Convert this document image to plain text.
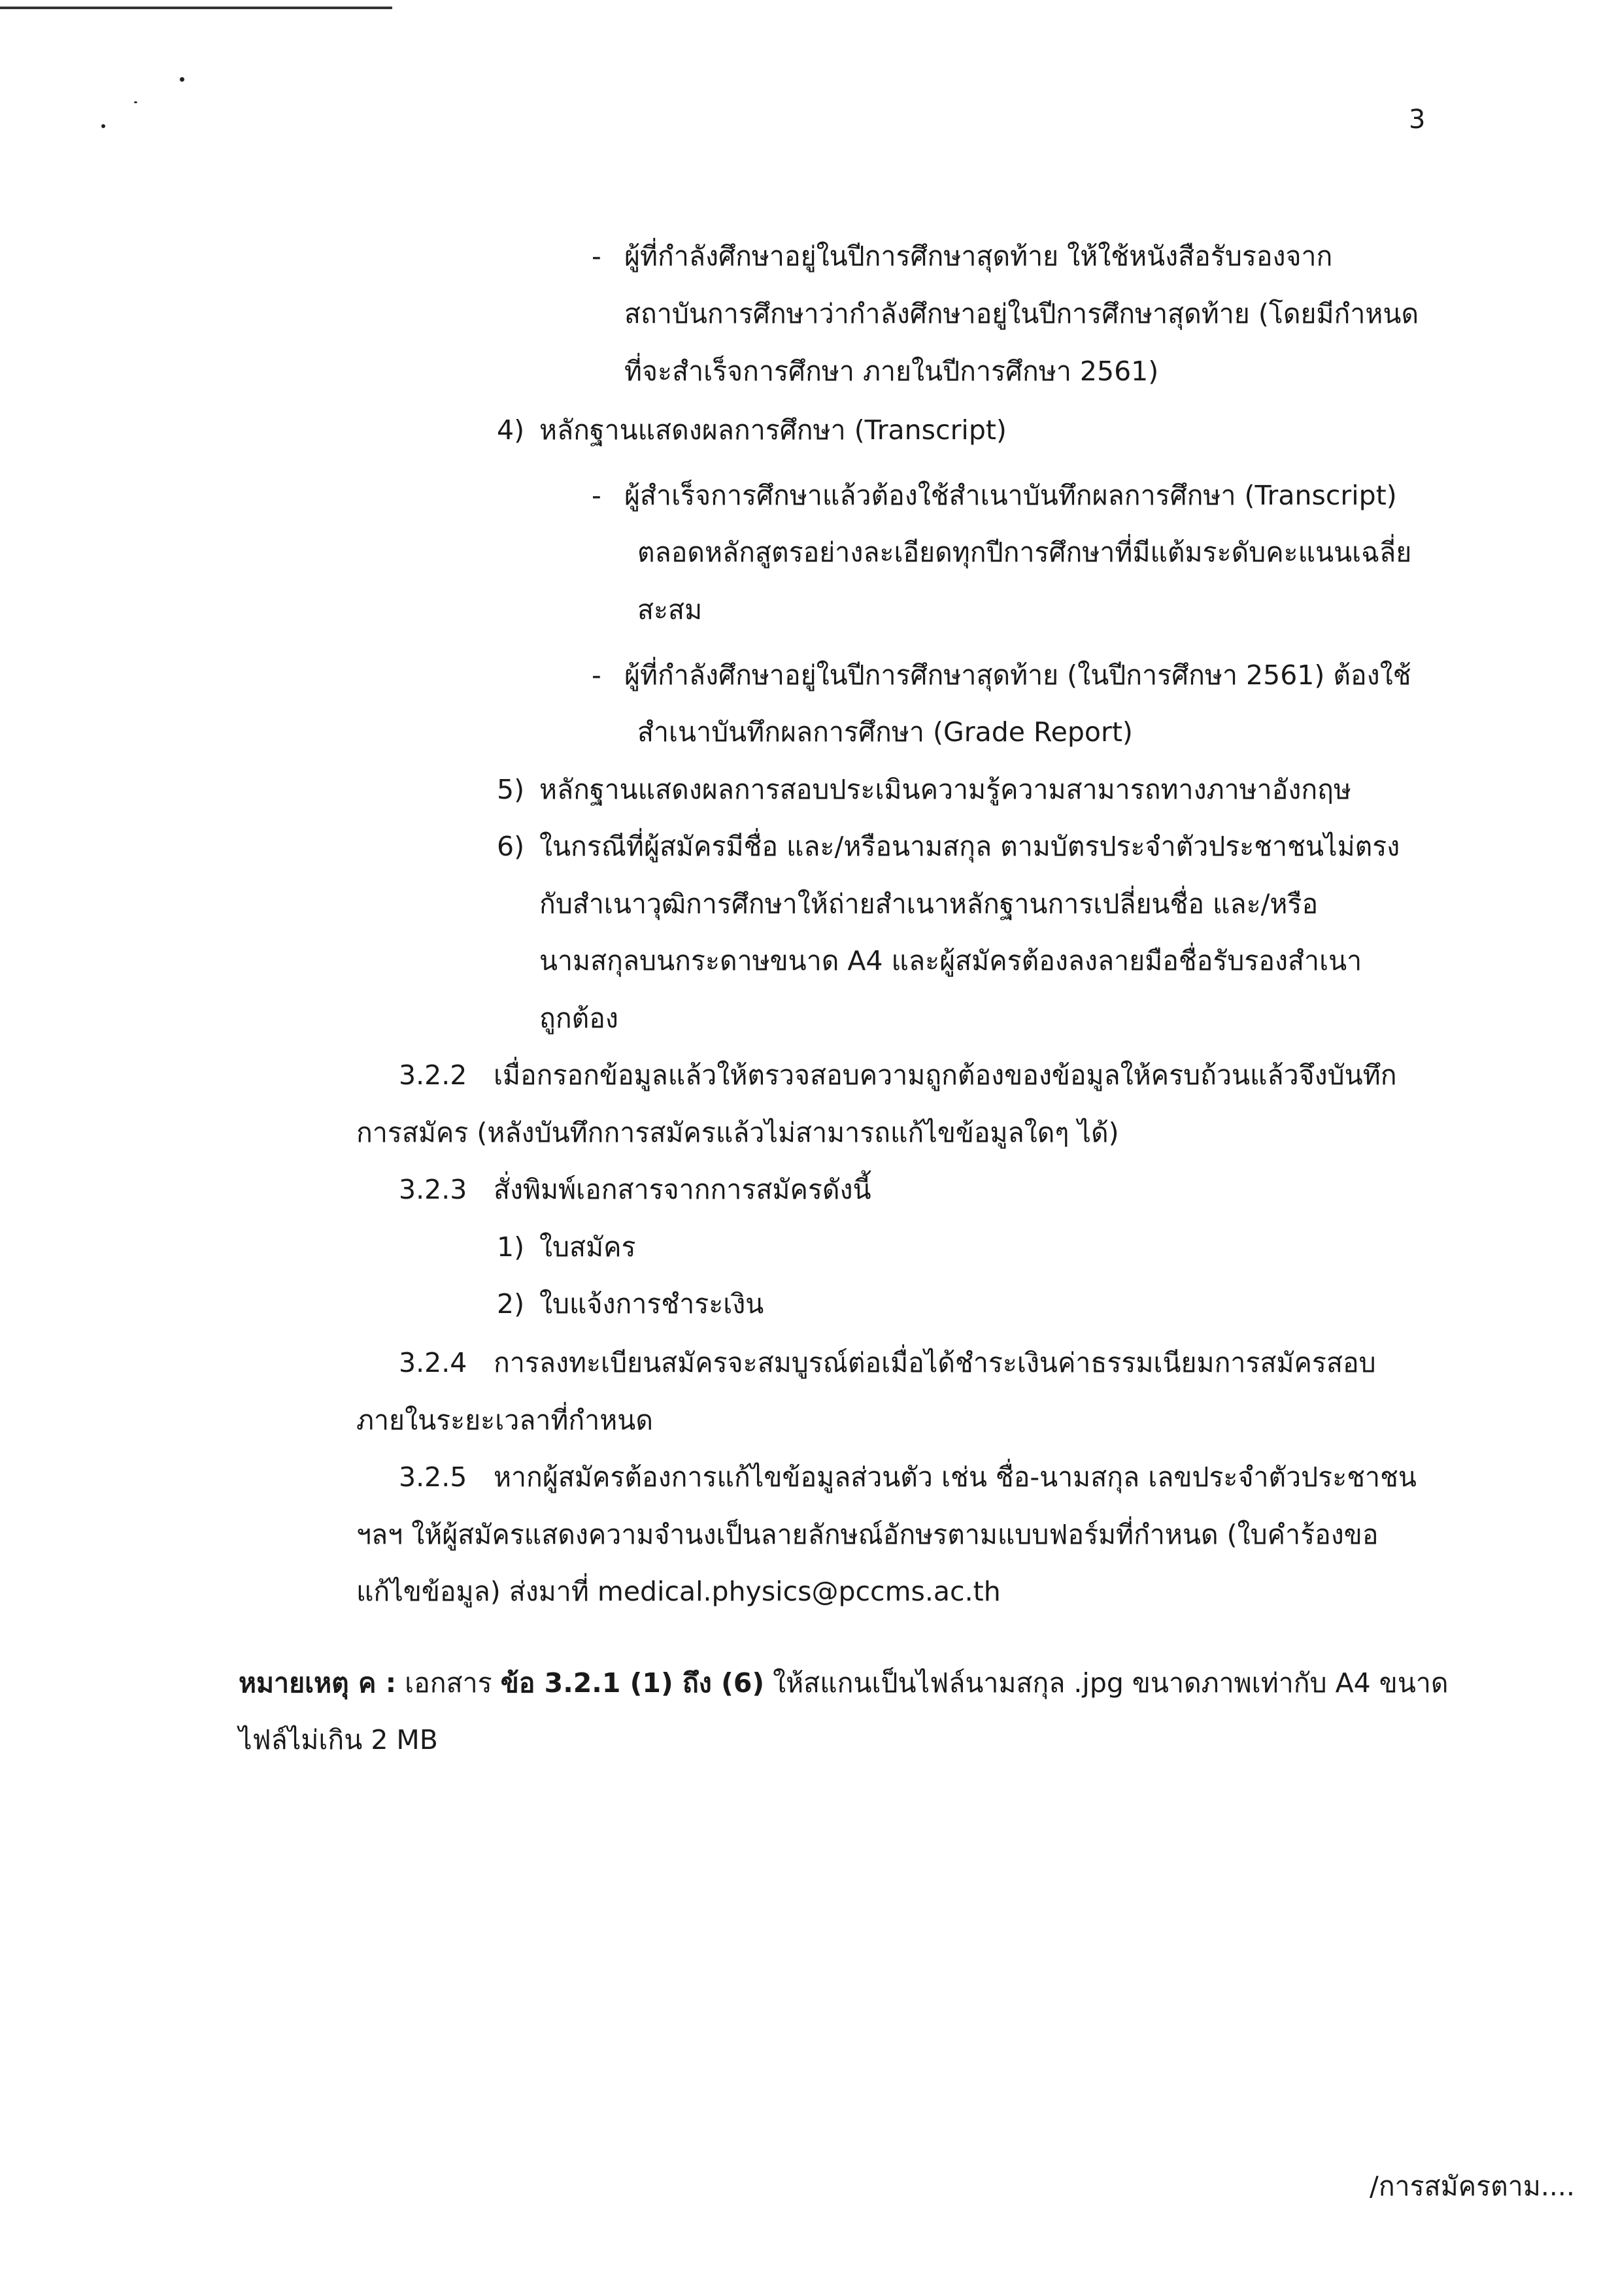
3
- ผู้ที่กำลังศึกษาอยู่ในปีการศึกษาสุดท้าย ให้ใช้หนังสือรับรองจาก
สถาบันการศึกษาว่ากำลังศึกษาอยู่ในปีการศึกษาสุดท้าย (โดยมีกำหนด
ที่จะสำเร็จการศึกษา ภายในปีการศึกษา 2561)
4) หลักฐานแสดงผลการศึกษา (Transcript)
- ผู้สำเร็จการศึกษาแล้วต้องใช้สำเนาบันทึกผลการศึกษา (Transcript)
ตลอดหลักสูตรอย่างละเอียดทุกปีการศึกษาที่มีแต้มระดับคะแนนเฉลี่ย
สะสม
- ผู้ที่กำลังศึกษาอยู่ในปีการศึกษาสุดท้าย (ในปีการศึกษา 2561) ต้องใช้
สำเนาบันทึกผลการศึกษา (Grade Report)
5) หลักฐานแสดงผลการสอบประเมินความรู้ความสามารถทางภาษาอังกฤษ
6) ในกรณีที่ผู้สมัครมีชื่อ และ/หรือนามสกุล ตามบัตรประจำตัวประชาชนไม่ตรง
กับสำเนาวุฒิการศึกษาให้ถ่ายสำเนาหลักฐานการเปลี่ยนชื่อ และ/หรือ
นามสกุลบนกระดาษขนาด A4 และผู้สมัครต้องลงลายมือชื่อรับรองสำเนา
ถูกต้อง
3.2.2 เมื่อกรอกข้อมูลแล้วให้ตรวจสอบความถูกต้องของข้อมูลให้ครบถ้วนแล้วจึงบันทึก
การสมัคร (หลังบันทึกการสมัครแล้วไม่สามารถแก้ไขข้อมูลใดๆ ได้)
3.2.3 สั่งพิมพ์เอกสารจากการสมัครดังนี้
1) ใบสมัคร
2) ใบแจ้งการชำระเงิน
3.2.4 การลงทะเบียนสมัครจะสมบูรณ์ต่อเมื่อได้ชำระเงินค่าธรรมเนียมการสมัครสอบ
ภายในระยะเวลาที่กำหนด
3.2.5 หากผู้สมัครต้องการแก้ไขข้อมูลส่วนตัว เช่น ชื่อ-นามสกุล เลขประจำตัวประชาชน
ฯลฯ ให้ผู้สมัครแสดงความจำนงเป็นลายลักษณ์อักษรตามแบบฟอร์มที่กำหนด (ใบคำร้องขอ
แก้ไขข้อมูล) ส่งมาที่ medical.physics@pccms.ac.th
หมายเหตุ ค : เอกสาร ข้อ 3.2.1 (1) ถึง (6) ให้สแกนเป็นไฟล์นามสกุล .jpg ขนาดภาพเท่ากับ A4 ขนาด
ไฟล์ไม่เกิน 2 MB
/การสมัครตาม....
